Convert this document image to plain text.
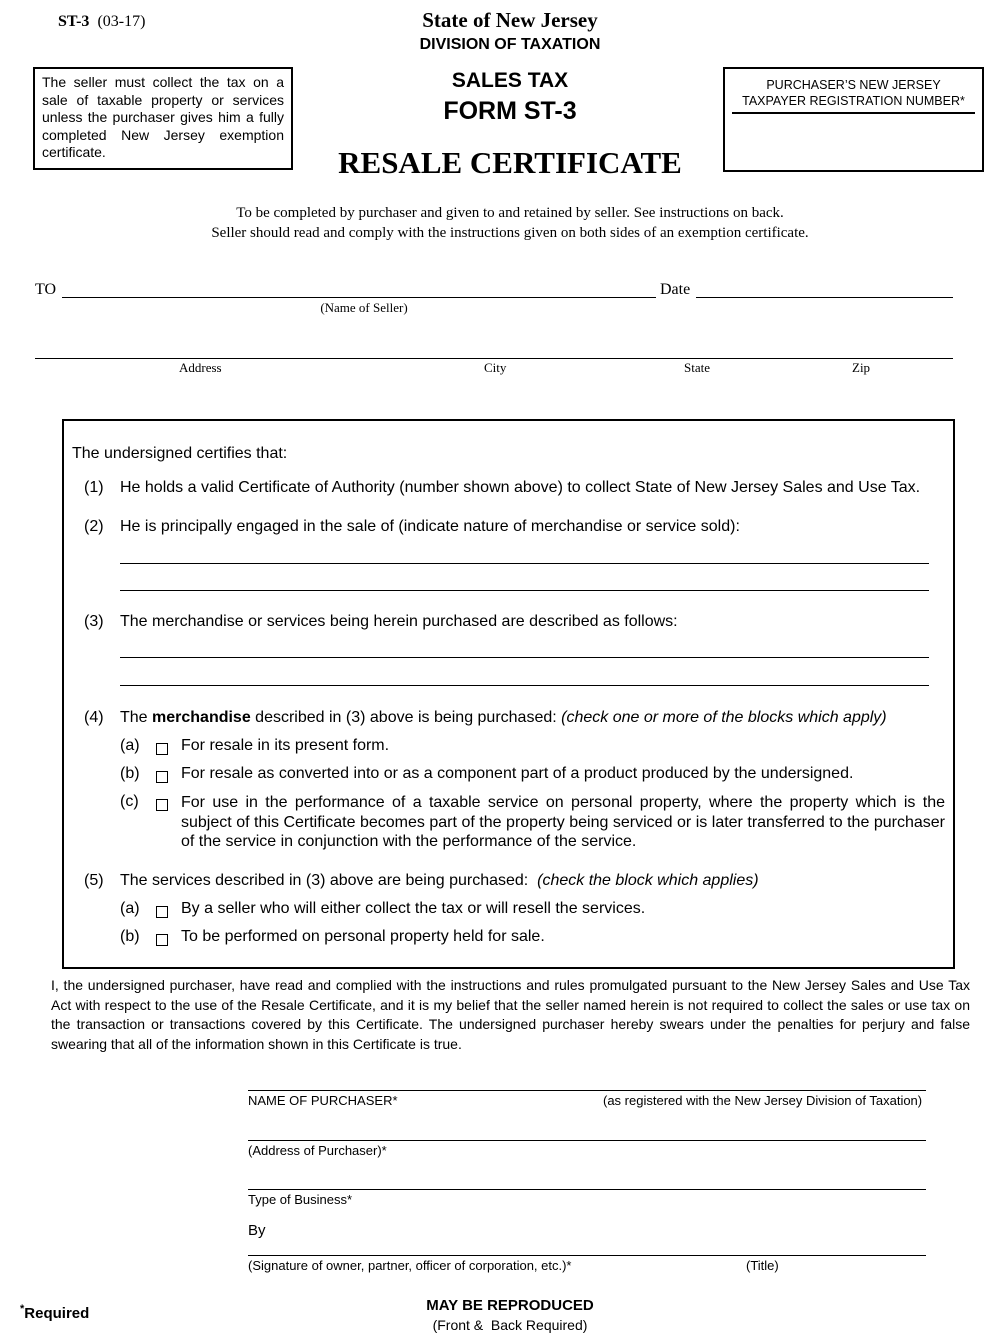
ST-3 (03-17)	State of New Jersey
DIVISION OF TAXATION
SALES TAX
FORM ST-3
RESALE CERTIFICATE
The seller must collect the tax on a sale of taxable property or services unless the purchaser gives him a fully completed New Jersey exemption certificate.
PURCHASER’S NEW JERSEY
TAXPAYER REGISTRATION NUMBER*
To be completed by purchaser and given to and retained by seller. See instructions on back.
Seller should read and comply with the instructions given on both sides of an exemption certificate.
TO
(Name of Seller)
Date
Address	City	State	Zip
The undersigned certifies that:
(1) He holds a valid Certificate of Authority (number shown above) to collect State of New Jersey Sales and Use Tax.
(2) He is principally engaged in the sale of (indicate nature of merchandise or service sold):
(3) The merchandise or services being herein purchased are described as follows:
(4) The merchandise described in (3) above is being purchased: (check one or more of the blocks which apply)
(a)	For resale in its present form.
(b)	For resale as converted into or as a component part of a product produced by the undersigned.
(c)	For use in the performance of a taxable service on personal property, where the property which is the subject of this Certificate becomes part of the property being serviced or is later transferred to the purchaser of the service in conjunction with the performance of the service.
(5) The services described in (3) above are being purchased:  (check the block which applies)
(a)	By a seller who will either collect the tax or will resell the services.
(b)	To be performed on personal property held for sale.
I, the undersigned purchaser, have read and complied with the instructions and rules promulgated pursuant to the New Jersey Sales and Use Tax Act with respect to the use of the Resale Certificate, and it is my belief that the seller named herein is not required to collect the sales or use tax on the transaction or transactions covered by this Certificate. The undersigned purchaser hereby swears under the penalties for perjury and false swearing that all of the information shown in this Certificate is true.
NAME OF PURCHASER*	(as registered with the New Jersey Division of Taxation)
(Address of Purchaser)*
Type of Business*
By
(Signature of owner, partner, officer of corporation, etc.)*	(Title)
*Required	MAY BE REPRODUCED
(Front &  Back Required)
